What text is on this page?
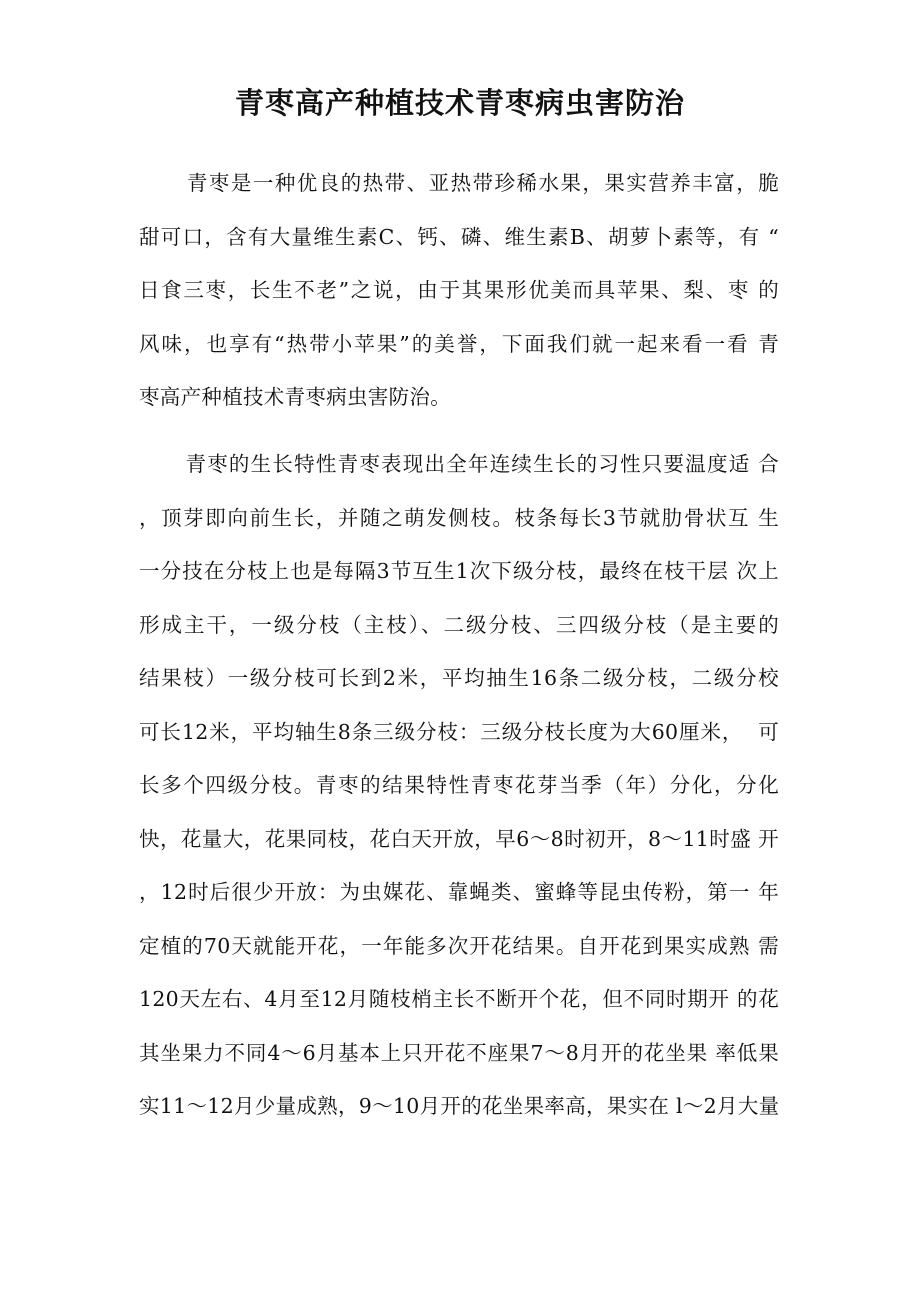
青枣高产种植技术青枣病虫害防治
青枣是一种优良的热带、亚热带珍稀水果，果实营养丰富，脆
甜可口，含有大量维生素C、钙、磷、维生素B、胡萝卜素等，有 “
日食三枣，长生不老”之说，由于其果形优美而具苹果、梨、枣 的
风味，也享有“热带小苹果”的美誉，下面我们就一起来看一看 青
枣高产种植技术青枣病虫害防治。
青枣的生长特性青枣表现出全年连续生长的习性只要温度适 合
，顶芽即向前生长，并随之萌发侧枝。枝条每长3节就肋骨状互 生
一分技在分枝上也是每隔3节互生1次下级分枝，最终在枝干层 次上
形成主干，一级分枝（主枝）、二级分枝、三四级分枝（是主要的
结果枝）一级分枝可长到2米，平均抽生16条二级分枝，二级分校
可长12米，平均轴生8条三级分枝：三级分枝长度为大60厘米，  可
长多个四级分枝。青枣的结果特性青枣花芽当季（年）分化，分化
快，花量大，花果同枝，花白天开放，早6〜8时初开，8〜11时盛 开
，12时后很少开放：为虫媒花、靠蝇类、蜜蜂等昆虫传粉，第一 年
定植的70天就能开花，一年能多次开花结果。自开花到果实成熟 需
120天左右、4月至12月随枝梢主长不断开个花，但不同时期开 的花
其坐果力不同4〜6月基本上只开花不座果7〜8月开的花坐果 率低果
实11〜12月少量成熟，9〜10月开的花坐果率高，果实在 l〜2月大量
